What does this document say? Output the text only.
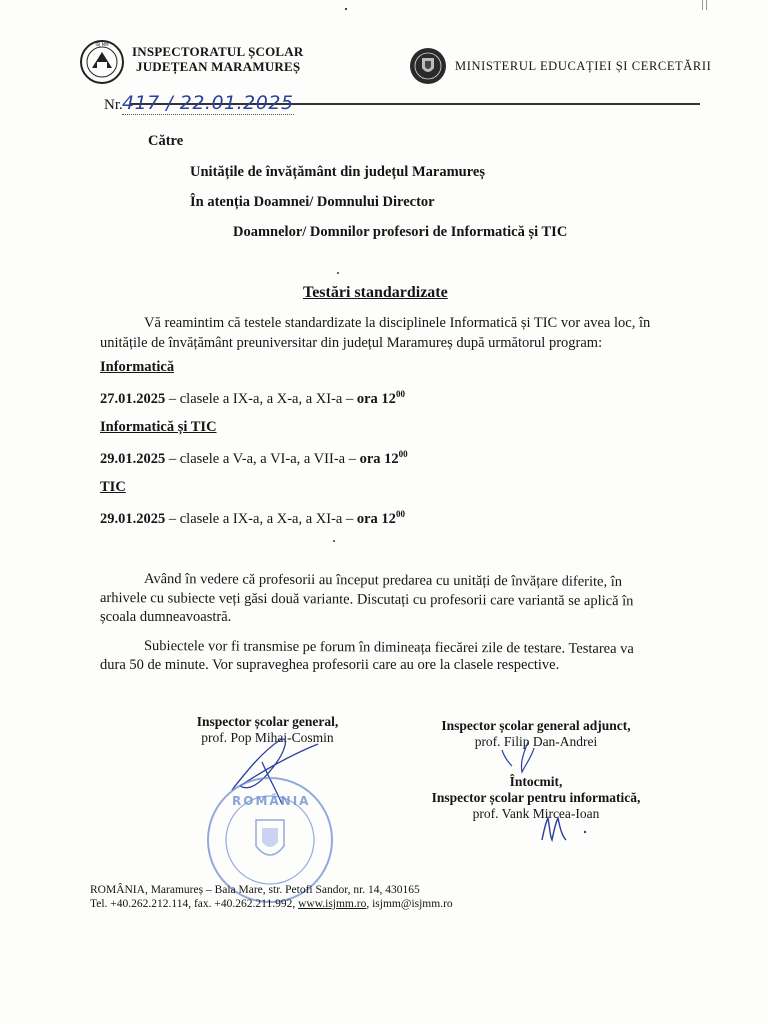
ISJ MM INSPECTORATUL ȘCOLAR
JUDEȚEAN MARAMUREȘ	MINISTERUL EDUCAȚIEI ȘI CERCETĂRII
Nr. 417 / 22.01.2025
Către
Unitățile de învățământ din județul Maramureș
În atenția Doamnei/ Domnului Director
Doamnelor/ Domnilor profesori de Informatică și TIC
Testări standardizate
Vă reamintim că testele standardizate la disciplinele Informatică și TIC vor avea loc, în
unitățile de învățământ preuniversitar din județul Maramureș după următorul program:
Informatică
27.01.2025 – clasele a IX-a, a X-a, a XI-a – ora $12^{00}$
Informatică și TIC
29.01.2025 – clasele a V-a, a VI-a, a VII-a – ora $12^{00}$
TIC
29.01.2025 – clasele a IX-a, a X-a, a XI-a – ora $12^{00}$
Având în vedere că profesorii au început predarea cu unități de învățare diferite, în
arhivele cu subiecte veți găsi două variante. Discutați cu profesorii care variantă se aplică în
școala dumneavoastră.
Subiectele vor fi transmise pe forum în dimineața fiecărei zile de testare. Testarea va
dura 50 de minute. Vor supraveghea profesorii care au ore la clasele respective.
Inspector școlar general,
prof. Pop Mihai-Cosmin
Inspector școlar general adjunct,
prof. Filip Dan-Andrei
Întocmit,
Inspector școlar pentru informatică,
prof. Vank Mircea-Ioan
ROMÂNIA
ROMÂNIA, Maramureș – Baia Mare, str. Petofi Sandor, nr. 14, 430165
Tel. +40.262.212.114, fax. +40.262.211.992, www.isjmm.ro, isjmm@isjmm.ro
